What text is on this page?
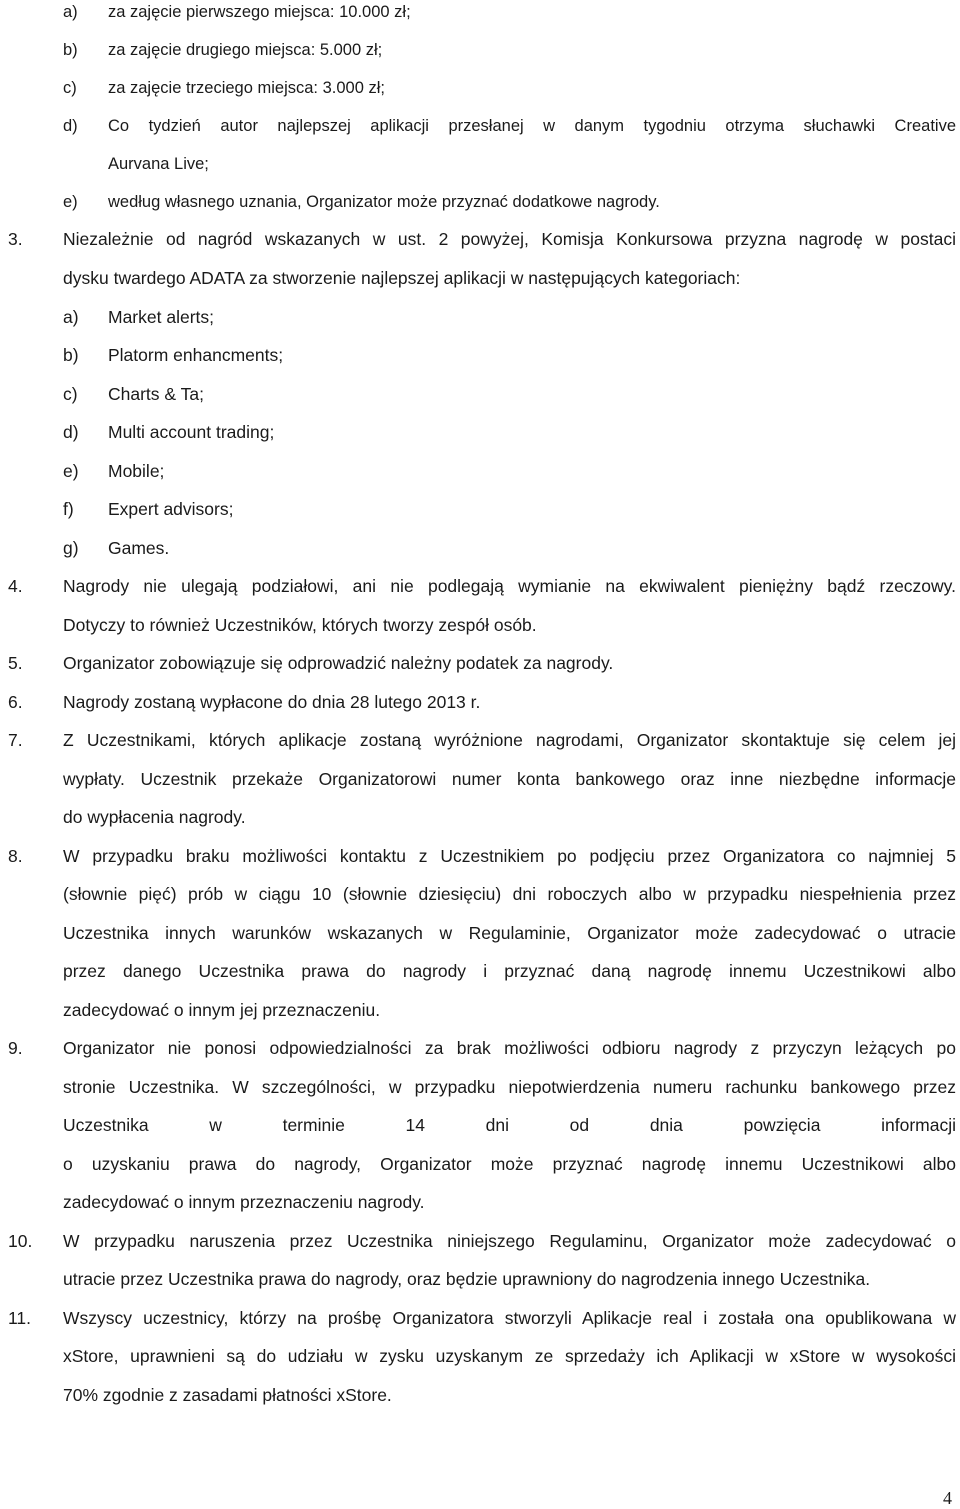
a) za zajęcie pierwszego miejsca: 10.000 zł;
b) za zajęcie drugiego miejsca: 5.000 zł;
c) za zajęcie trzeciego miejsca: 3.000 zł;
d) Co tydzień autor najlepszej aplikacji przesłanej w danym tygodniu otrzyma słuchawki Creative
Aurvana Live;
e) według własnego uznania, Organizator może przyznać dodatkowe nagrody.
3. Niezależnie od nagród wskazanych w ust. 2 powyżej, Komisja Konkursowa przyzna nagrodę w postaci
dysku twardego ADATA za stworzenie najlepszej aplikacji w następujących kategoriach:
a) Market alerts;
b) Platorm enhancments;
c) Charts & Ta;
d) Multi account trading;
e) Mobile;
f) Expert advisors;
g) Games.
4. Nagrody nie ulegają podziałowi, ani nie podlegają wymianie na ekwiwalent pieniężny bądź rzeczowy.
Dotyczy to również Uczestników, których tworzy zespół osób.
5. Organizator zobowiązuje się odprowadzić należny podatek za nagrody.
6. Nagrody zostaną wypłacone do dnia 28 lutego 2013 r.
7. Z Uczestnikami, których aplikacje zostaną wyróżnione nagrodami, Organizator skontaktuje się celem jej
wypłaty. Uczestnik przekaże Organizatorowi numer konta bankowego oraz inne niezbędne informacje
do wypłacenia nagrody.
8. W przypadku braku możliwości kontaktu z Uczestnikiem po podjęciu przez Organizatora co najmniej 5
(słownie pięć) prób w ciągu 10 (słownie dziesięciu) dni roboczych albo w przypadku niespełnienia przez
Uczestnika innych warunków wskazanych w Regulaminie, Organizator może zadecydować o utracie
przez danego Uczestnika prawa do nagrody i przyznać daną nagrodę innemu Uczestnikowi albo
zadecydować o innym jej przeznaczeniu.
9. Organizator nie ponosi odpowiedzialności za brak możliwości odbioru nagrody z przyczyn leżących po
stronie Uczestnika. W szczególności, w przypadku niepotwierdzenia numeru rachunku bankowego przez
Uczestnika w terminie 14 dni od dnia powzięcia informacji
o uzyskaniu prawa do nagrody, Organizator może przyznać nagrodę innemu Uczestnikowi albo
zadecydować o innym przeznaczeniu nagrody.
10. W przypadku naruszenia przez Uczestnika niniejszego Regulaminu, Organizator może zadecydować o
utracie przez Uczestnika prawa do nagrody, oraz będzie uprawniony do nagrodzenia innego Uczestnika.
11. Wszyscy uczestnicy, którzy na prośbę Organizatora stworzyli Aplikacje real i została ona opublikowana w
xStore, uprawnieni są do udziału w zysku uzyskanym ze sprzedaży ich Aplikacji w xStore w wysokości
70% zgodnie z zasadami płatności xStore.
4
